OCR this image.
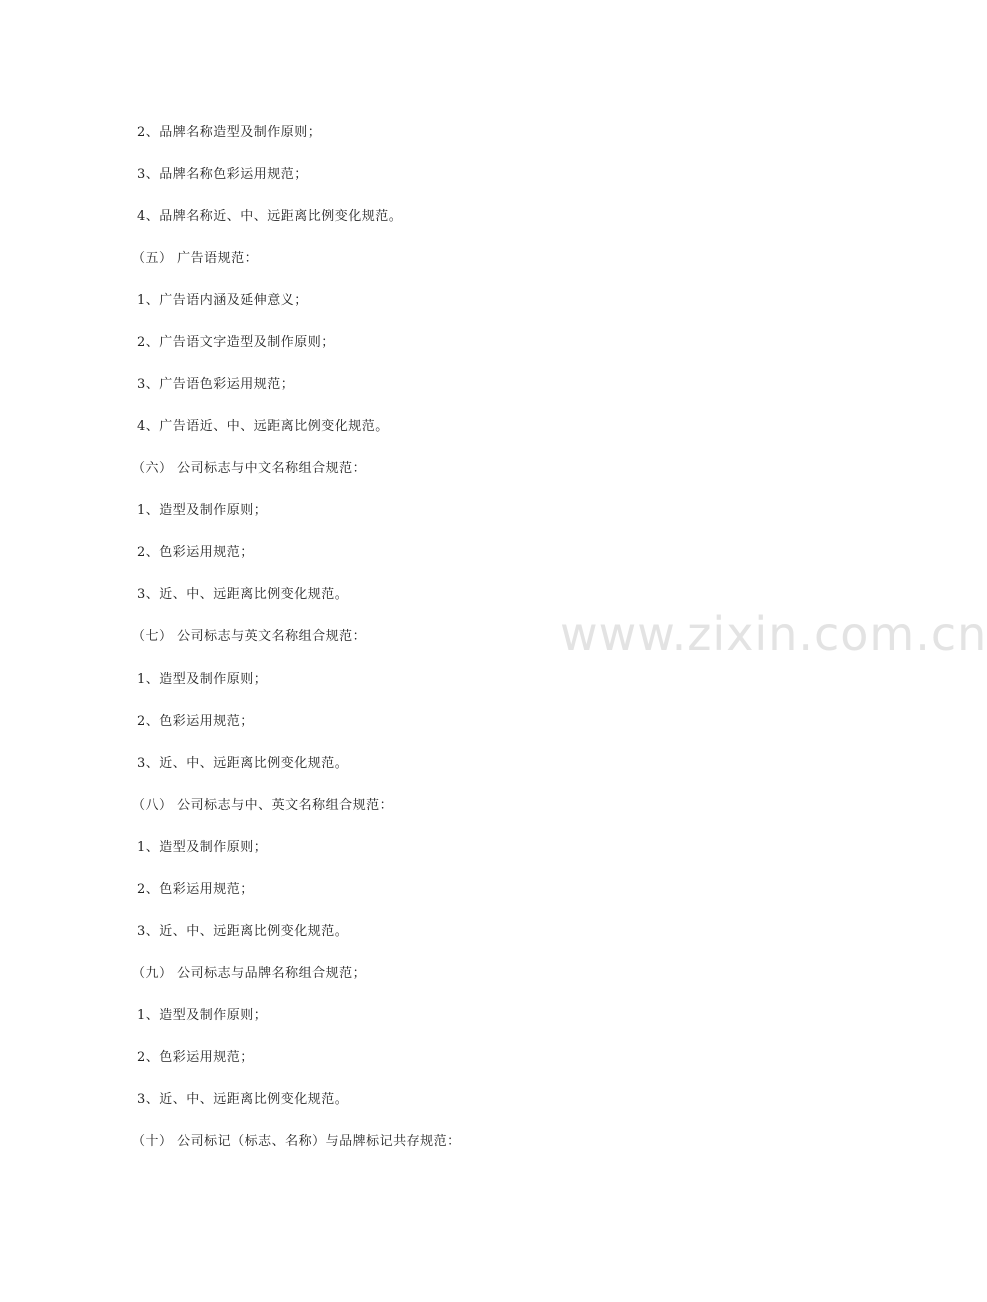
2、品牌名称造型及制作原则；
3、品牌名称色彩运用规范；
4、品牌名称近、中、远距离比例变化规范。
（五） 广告语规范：
1、广告语内涵及延伸意义；
2、广告语文字造型及制作原则；
3、广告语色彩运用规范；
4、广告语近、中、远距离比例变化规范。
（六） 公司标志与中文名称组合规范：
1、造型及制作原则；
2、色彩运用规范；
3、近、中、远距离比例变化规范。
（七） 公司标志与英文名称组合规范：
1、造型及制作原则；
2、色彩运用规范；
3、近、中、远距离比例变化规范。
（八） 公司标志与中、英文名称组合规范：
1、造型及制作原则；
2、色彩运用规范；
3、近、中、远距离比例变化规范。
（九） 公司标志与品牌名称组合规范；
1、造型及制作原则；
2、色彩运用规范；
3、近、中、远距离比例变化规范。
（十） 公司标记（标志、名称）与品牌标记共存规范：
www.zixin.com.cn
